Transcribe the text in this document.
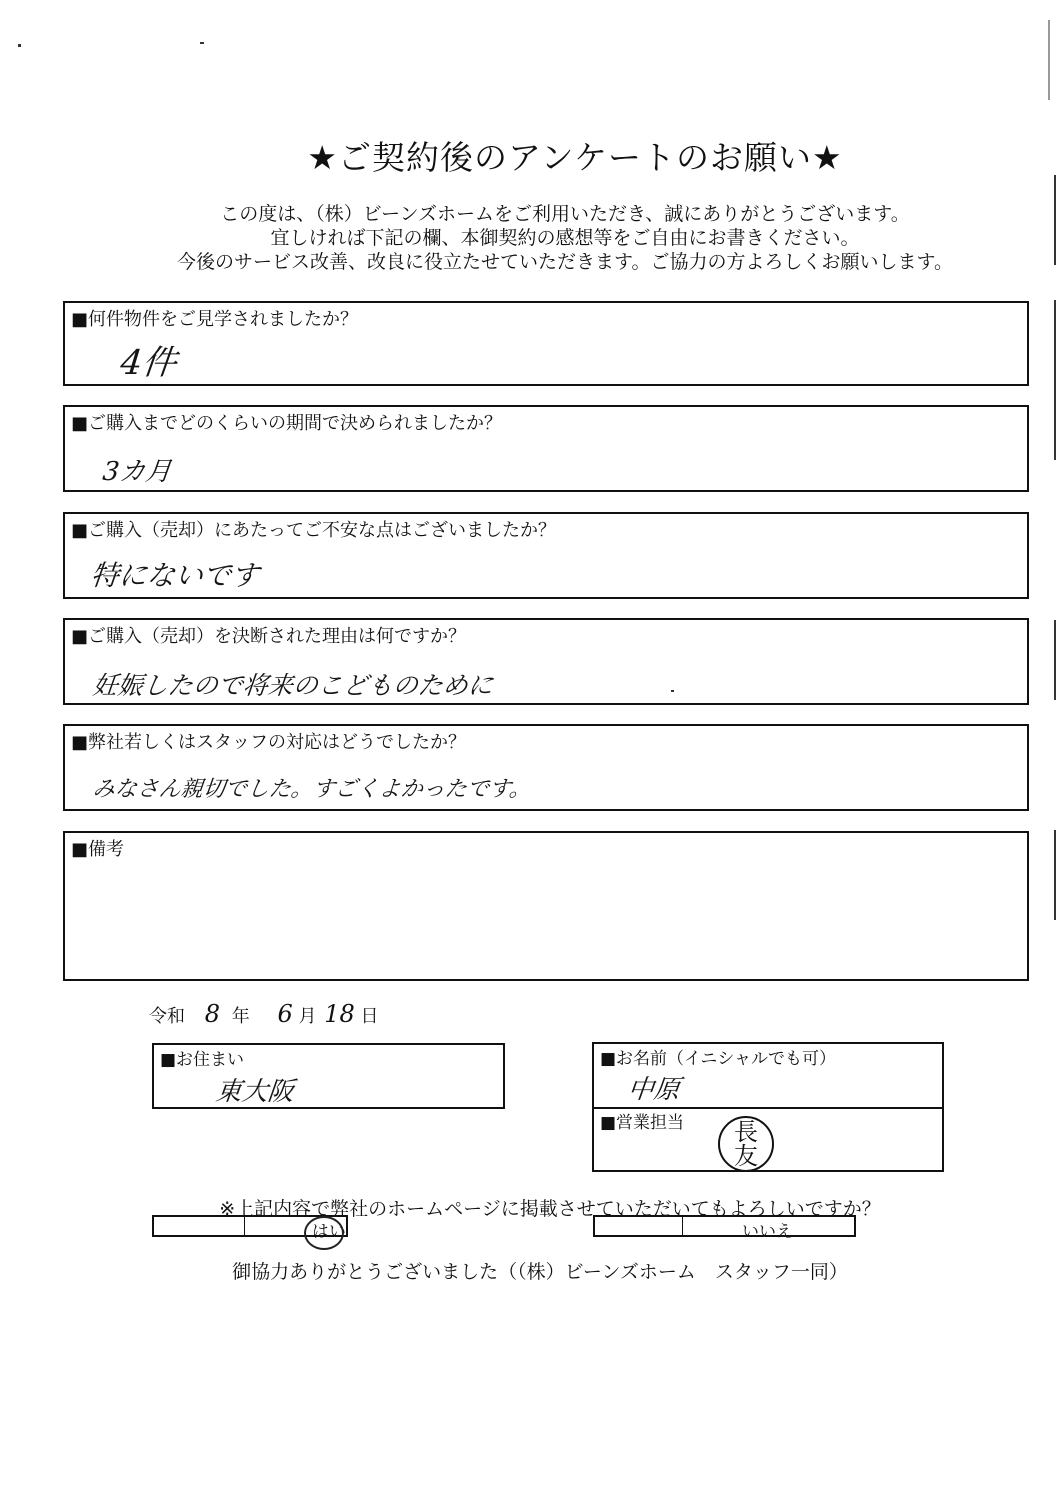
★ご契約後のアンケートのお願い★
この度は、（株）ビーンズホームをご利用いただき、誠にありがとうございます。
宜しければ下記の欄、本御契約の感想等をご自由にお書きください。
今後のサービス改善、改良に役立たせていただきます。ご協力の方よろしくお願いします。
■何件物件をご見学されましたか？
4件
■ご購入までどのくらいの期間で決められましたか？
3カ月
■ご購入（売却）にあたってご不安な点はございましたか？
特にないです
■ご購入（売却）を決断された理由は何ですか？
妊娠したので将来のこどものために
■弊社若しくはスタッフの対応はどうでしたか？
みなさん親切でした。すごくよかったです。
■備考
令和 8 年 6 月 18 日
■お住まい
東大阪
■お名前（イニシャルでも可）
中原
■営業担当 長友
※上記内容で弊社のホームページに掲載させていただいてもよろしいですか？
はい	いいえ
御協力ありがとうございました（（株）ビーンズホーム　スタッフ一同）
